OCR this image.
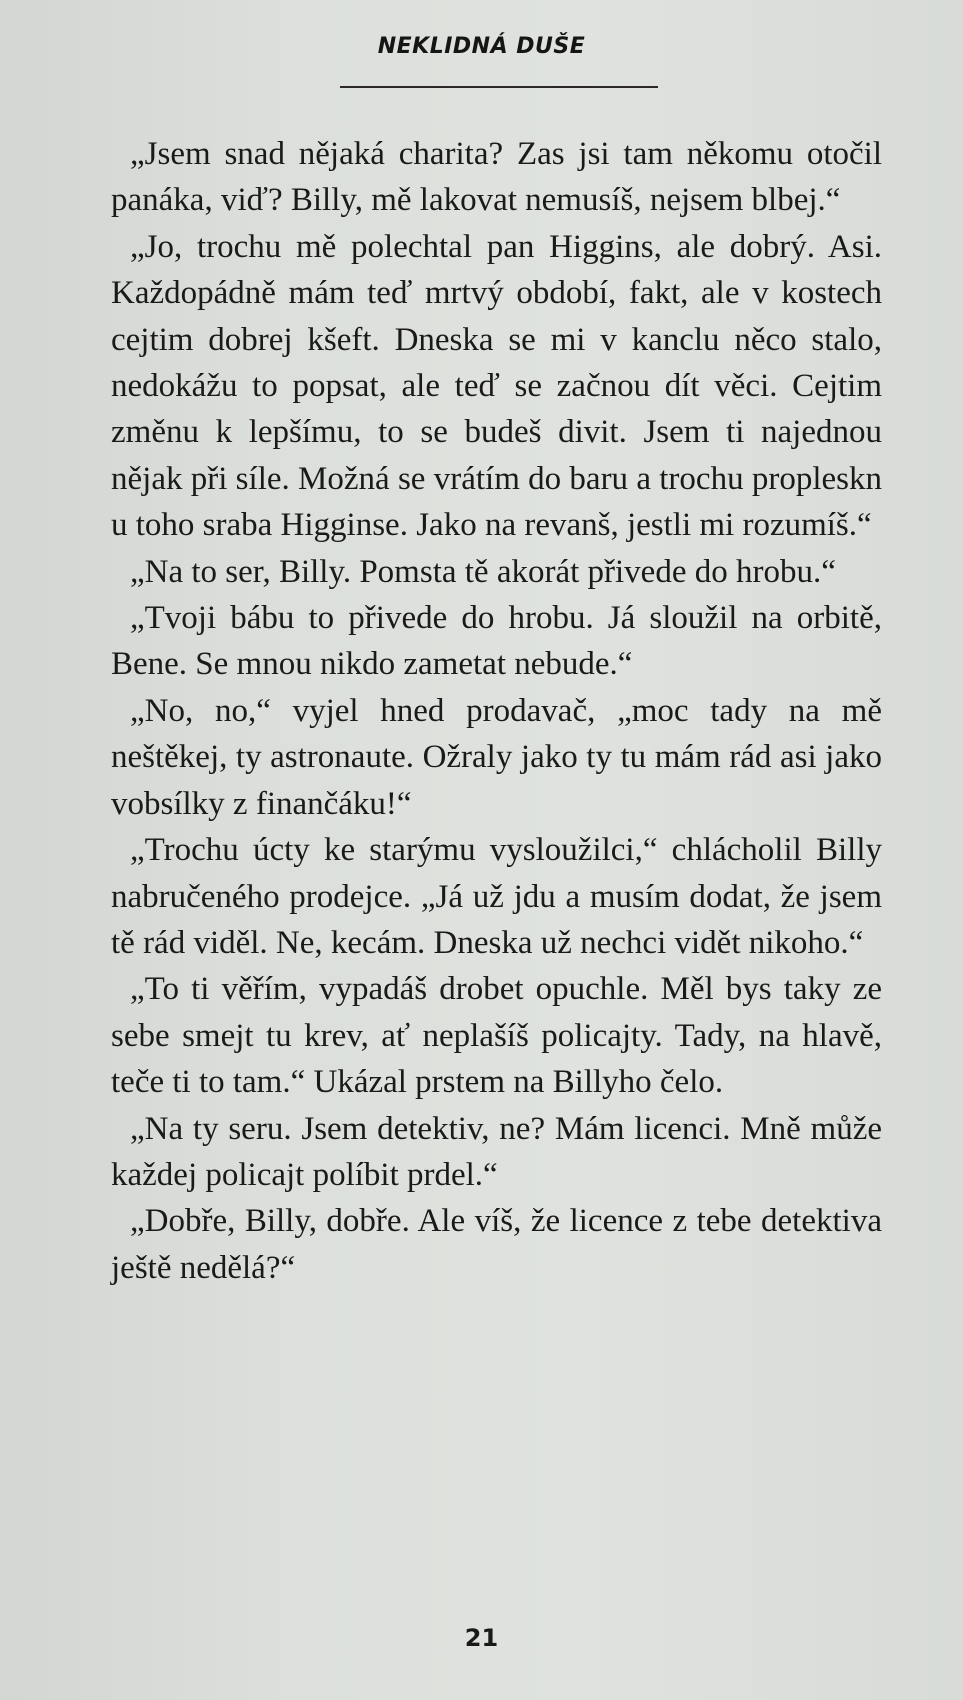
NEKLIDNÁ DUŠE

„Jsem snad nějaká charita? Zas jsi tam někomu otočil panáka, viď? Billy, mě lakovat nemusíš, nejsem blbej.“

„Jo, trochu mě polechtal pan Higgins, ale dobrý. Asi. Každopádně mám teď mrtvý období, fakt, ale v kostech cejtim dobrej kšeft. Dneska se mi v kanclu něco stalo, nedokážu to popsat, ale teď se začnou dít věci. Cejtim změnu k lepšímu, to se budeš divit. Jsem ti najednou nějak při síle. Možná se vrátím do baru a trochu propleskn u toho sraba Higginse. Jako na revanš, jestli mi rozumíš.“

„Na to ser, Billy. Pomsta tě akorát přivede do hrobu.“

„Tvoji bábu to přivede do hrobu. Já sloužil na orbitě, Bene. Se mnou nikdo zametat nebude.“

„No, no,“ vyjel hned prodavač, „moc tady na mě neštěkej, ty astronaute. Ožraly jako ty tu mám rád asi jako vobsílky z finančáku!“

„Trochu úcty ke starýmu vysloužilci,“ chlácholil Billy nabručeného prodejce. „Já už jdu a musím dodat, že jsem tě rád viděl. Ne, kecám. Dneska už nechci vidět nikoho.“

„To ti věřím, vypadáš drobet opuchle. Měl bys taky ze sebe smejt tu krev, ať neplašíš policajty. Tady, na hlavě, teče ti to tam.“ Ukázal prstem na Billyho čelo.

„Na ty seru. Jsem detektiv, ne? Mám licenci. Mně může každej policajt políbit prdel.“

„Dobře, Billy, dobře. Ale víš, že licence z tebe detektiva ještě nedělá?“

21
